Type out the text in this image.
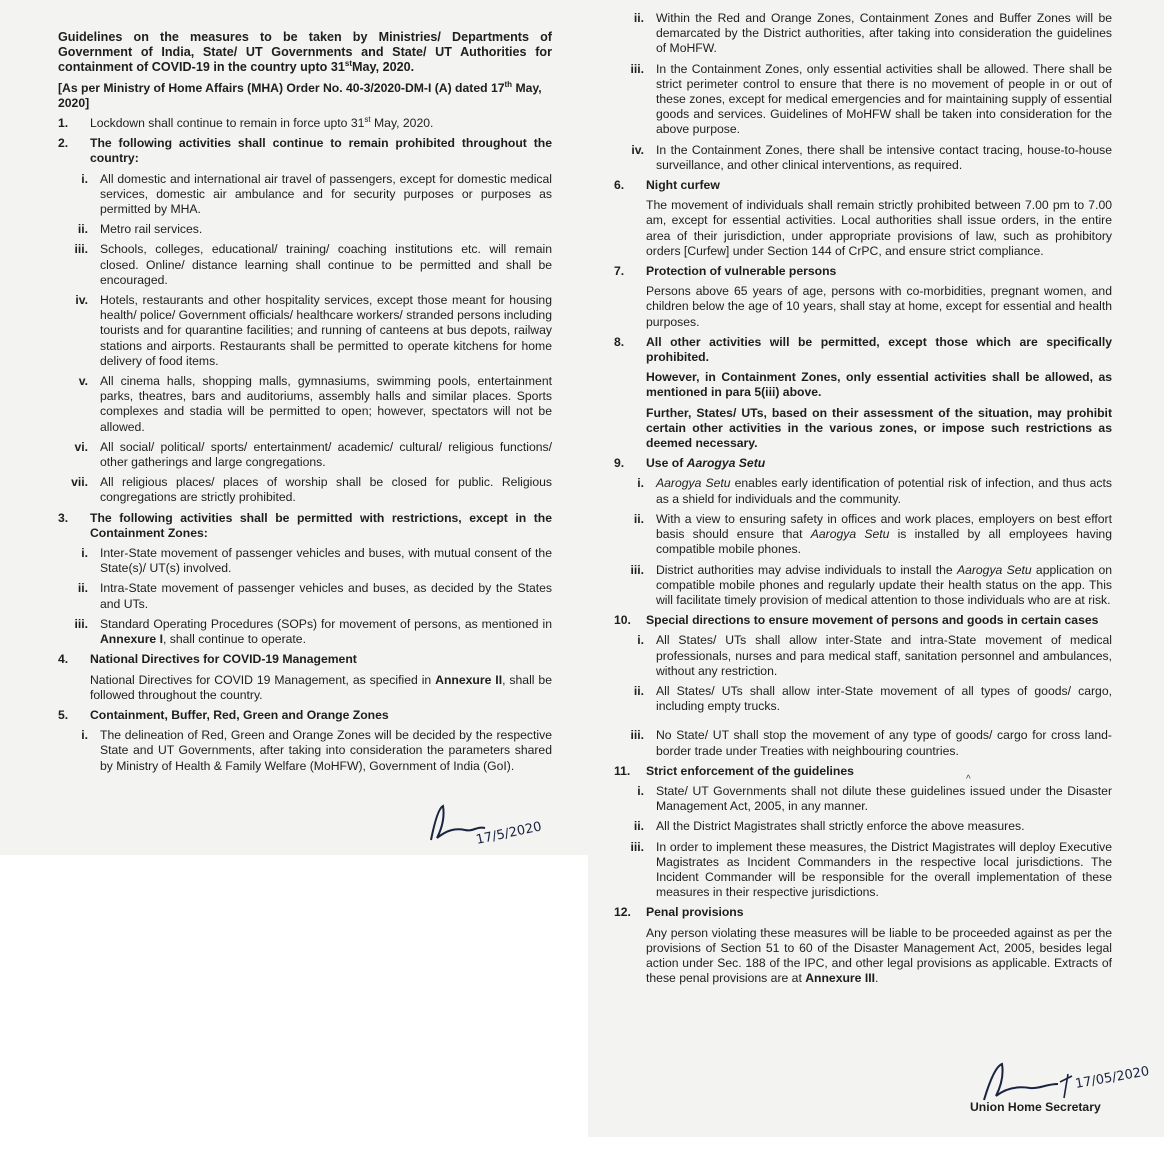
Guidelines on the measures to be taken by Ministries/ Departments of Government of India, State/ UT Governments and State/ UT Authorities for containment of COVID-19 in the country upto 31stMay, 2020.
[As per Ministry of Home Affairs (MHA) Order No. 40-3/2020-DM-I (A) dated 17th May, 2020]
1.	Lockdown shall continue to remain in force upto 31st May, 2020.
2.	The following activities shall continue to remain prohibited throughout the country:
i. All domestic and international air travel of passengers, except for domestic medical services, domestic air ambulance and for security purposes or purposes as permitted by MHA.
ii. Metro rail services.
iii. Schools, colleges, educational/ training/ coaching institutions etc. will remain closed. Online/ distance learning shall continue to be permitted and shall be encouraged.
iv. Hotels, restaurants and other hospitality services, except those meant for housing health/ police/ Government officials/ healthcare workers/ stranded persons including tourists and for quarantine facilities; and running of canteens at bus depots, railway stations and airports. Restaurants shall be permitted to operate kitchens for home delivery of food items.
v. All cinema halls, shopping malls, gymnasiums, swimming pools, entertainment parks, theatres, bars and auditoriums, assembly halls and similar places. Sports complexes and stadia will be permitted to open; however, spectators will not be allowed.
vi. All social/ political/ sports/ entertainment/ academic/ cultural/ religious functions/ other gatherings and large congregations.
vii. All religious places/ places of worship shall be closed for public. Religious congregations are strictly prohibited.
3.	The following activities shall be permitted with restrictions, except in the Containment Zones:
i. Inter-State movement of passenger vehicles and buses, with mutual consent of the State(s)/ UT(s) involved.
ii. Intra-State movement of passenger vehicles and buses, as decided by the States and UTs.
iii. Standard Operating Procedures (SOPs) for movement of persons, as mentioned in Annexure I, shall continue to operate.
4.	National Directives for COVID-19 Management
National Directives for COVID 19 Management, as specified in Annexure II, shall be followed throughout the country.
5.	Containment, Buffer, Red, Green and Orange Zones
i. The delineation of Red, Green and Orange Zones will be decided by the respective State and UT Governments, after taking into consideration the parameters shared by Ministry of Health & Family Welfare (MoHFW), Government of India (GoI).
17/5/2020
ii. Within the Red and Orange Zones, Containment Zones and Buffer Zones will be demarcated by the District authorities, after taking into consideration the guidelines of MoHFW.
iii. In the Containment Zones, only essential activities shall be allowed. There shall be strict perimeter control to ensure that there is no movement of people in or out of these zones, except for medical emergencies and for maintaining supply of essential goods and services. Guidelines of MoHFW shall be taken into consideration for the above purpose.
iv. In the Containment Zones, there shall be intensive contact tracing, house-to-house surveillance, and other clinical interventions, as required.
6.	Night curfew
The movement of individuals shall remain strictly prohibited between 7.00 pm to 7.00 am, except for essential activities. Local authorities shall issue orders, in the entire area of their jurisdiction, under appropriate provisions of law, such as prohibitory orders [Curfew] under Section 144 of CrPC, and ensure strict compliance.
7.	Protection of vulnerable persons
Persons above 65 years of age, persons with co-morbidities, pregnant women, and children below the age of 10 years, shall stay at home, except for essential and health purposes.
8.	All other activities will be permitted, except those which are specifically prohibited.
However, in Containment Zones, only essential activities shall be allowed, as mentioned in para 5(iii) above.
Further, States/ UTs, based on their assessment of the situation, may prohibit certain other activities in the various zones, or impose such restrictions as deemed necessary.
9.	Use of Aarogya Setu
i. Aarogya Setu enables early identification of potential risk of infection, and thus acts as a shield for individuals and the community.
ii. With a view to ensuring safety in offices and work places, employers on best effort basis should ensure that Aarogya Setu is installed by all employees having compatible mobile phones.
iii. District authorities may advise individuals to install the Aarogya Setu application on compatible mobile phones and regularly update their health status on the app. This will facilitate timely provision of medical attention to those individuals who are at risk.
10.	Special directions to ensure movement of persons and goods in certain cases
i. All States/ UTs shall allow inter-State and intra-State movement of medical professionals, nurses and para medical staff, sanitation personnel and ambulances, without any restriction.
ii. All States/ UTs shall allow inter-State movement of all types of goods/ cargo, including empty trucks.
iii. No State/ UT shall stop the movement of any type of goods/ cargo for cross land-border trade under Treaties with neighbouring countries.
11.	Strict enforcement of the guidelines
i. State/ UT Governments shall not dilute these guidelines issued under the Disaster Management Act, 2005, in any manner.
ii. All the District Magistrates shall strictly enforce the above measures.
iii. In order to implement these measures, the District Magistrates will deploy Executive Magistrates as Incident Commanders in the respective local jurisdictions. The Incident Commander will be responsible for the overall implementation of these measures in their respective jurisdictions.
12.	Penal provisions
Any person violating these measures will be liable to be proceeded against as per the provisions of Section 51 to 60 of the Disaster Management Act, 2005, besides legal action under Sec. 188 of the IPC, and other legal provisions as applicable. Extracts of these penal provisions are at Annexure III.
^
17/05/2020
Union Home Secretary
